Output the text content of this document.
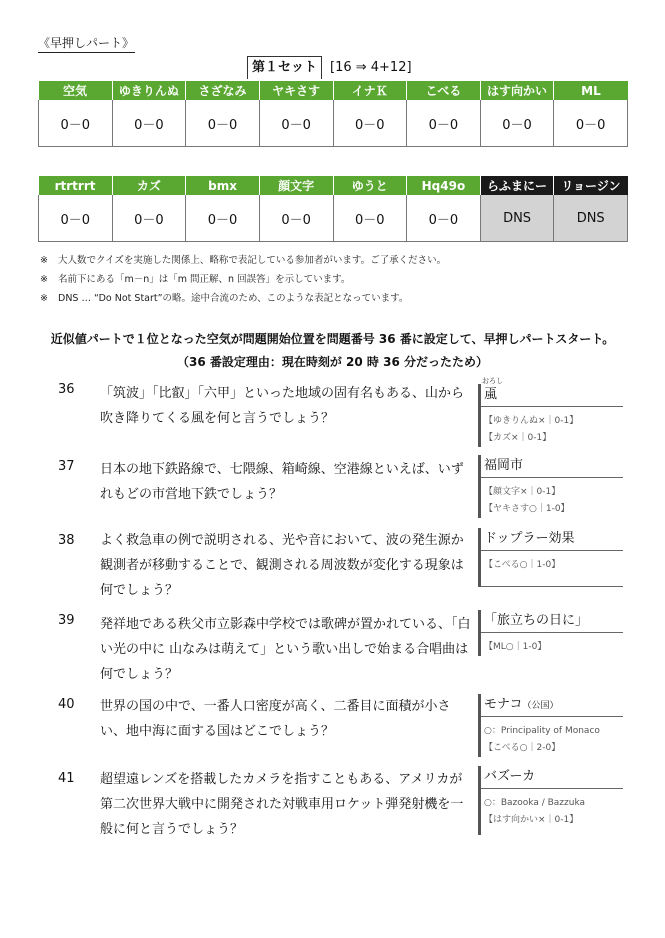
《早押しパート》
第１セット [16 ⇒ 4+12]
空気	ゆきりんぬ	さざなみ	ヤキさす	イナＫ	こべる	はす向かい	ML
0－0	0－0	0－0	0－0	0－0	0－0	0－0	0－0
rtrtrrt	カズ	bmx	顔文字	ゆうと	Hq49o	らふまにー	リョージン
0－0	0－0	0－0	0－0	0－0	0－0	DNS	DNS
※ 大人数でクイズを実施した関係上、略称で表記している参加者がいます。ご了承ください。
※ 名前下にある「m－n」は「m 問正解、n 回誤答」を示しています。
※ DNS … “Do Not Start”の略。途中合流のため、このような表記となっています。
近似値パートで１位となった空気が問題開始位置を問題番号 36 番に設定して、早押しパートスタート。
（36 番設定理由：現在時刻が 20 時 36 分だったため）
36 「筑波」「比叡」「六甲」といった地域の固有名もある、山から吹き降りてくる風を何と言うでしょう？
颪
【ゆきりんぬ×｜0-1】
【カズ×｜0-1】
おろし
37 日本の地下鉄路線で、七隈線、箱崎線、空港線といえば、いずれもどの市営地下鉄でしょう？
福岡市
【顔文字×｜0-1】
【ヤキさす○｜1-0】
38 よく救急車の例で説明される、光や音において、波の発生源か観測者が移動することで、観測される周波数が変化する現象は何でしょう？
ドップラー効果
【こべる○｜1-0】
39 発祥地である秩父市立影森中学校では歌碑が置かれている、「白い光の中に 山なみは萌えて」という歌い出しで始まる合唱曲は何でしょう？
「旅立ちの日に」
【ML○｜1-0】
40 世界の国の中で、一番人口密度が高く、二番目に面積が小さい、地中海に面する国はどこでしょう？
モナコ（公国）
○：Principality of Monaco
【こべる○｜2-0】
41 超望遠レンズを搭載したカメラを指すこともある、アメリカが第二次世界大戦中に開発された対戦車用ロケット弾発射機を一般に何と言うでしょう？
バズーカ
○：Bazooka / Bazzuka
【はす向かい×｜0-1】
